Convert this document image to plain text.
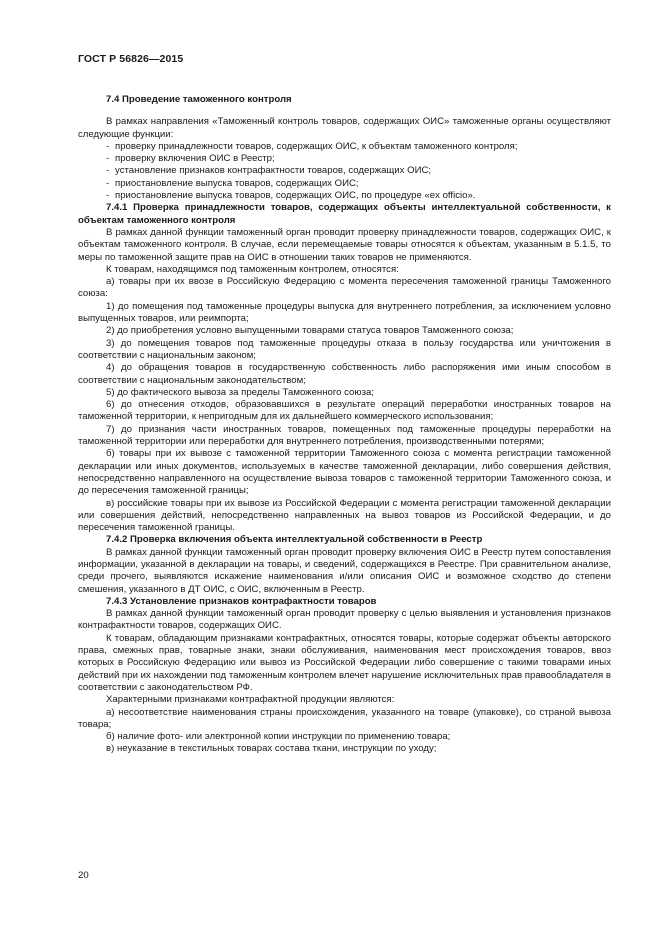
ГОСТ Р 56826—2015
7.4 Проведение таможенного контроля

В рамках направления «Таможенный контроль товаров, содержащих ОИС» таможенные органы осуществляют следующие функции:

- проверку принадлежности товаров, содержащих ОИС, к объектам таможенного контроля;
- проверку включения ОИС в Реестр;
- установление признаков контрафактности товаров, содержащих ОИС;
- приостановление выпуска товаров, содержащих ОИС;
- приостановление выпуска товаров, содержащих ОИС, по процедуре «ex officio».
7.4.1 Проверка принадлежности товаров, содержащих объекты интеллектуальной собственности, к объектам таможенного контроля

В рамках данной функции таможенный орган проводит проверку принадлежности товаров, содержащих ОИС, к объектам таможенного контроля. В случае, если перемещаемые товары относятся к объектам, указанным в 5.1.5, то меры по таможенной защите прав на ОИС в отношении таких товаров не применяются.

К товарам, находящимся под таможенным контролем, относятся:

а) товары при их ввозе в Российскую Федерацию с момента пересечения таможенной границы Таможенного союза:

1) до помещения под таможенные процедуры выпуска для внутреннего потребления, за исключением условно выпущенных товаров, или реимпорта;

2) до приобретения условно выпущенными товарами статуса товаров Таможенного союза;

3) до помещения товаров под таможенные процедуры отказа в пользу государства или уничтожения в соответствии с национальным законом;

4) до обращения товаров в государственную собственность либо распоряжения ими иным способом в соответствии с национальным законодательством;

5) до фактического вывоза за пределы Таможенного союза;

6) до отнесения отходов, образовавшихся в результате операций переработки иностранных товаров на таможенной территории, к непригодным для их дальнейшего коммерческого использования;

7) до признания части иностранных товаров, помещенных под таможенные процедуры переработки на таможенной территории или переработки для внутреннего потребления, производственными потерями;

б) товары при их вывозе с таможенной территории Таможенного союза с момента регистрации таможенной декларации или иных документов, используемых в качестве таможенной декларации, либо совершения действия, непосредственно направленного на осуществление вывоза товаров с таможенной территории Таможенного союза, и до пересечения таможенной границы;

в) российские товары при их вывозе из Российской Федерации с момента регистрации таможенной декларации или совершения действий, непосредственно направленных на вывоз товаров из Российской Федерации, и до пересечения таможенной границы.

7.4.2 Проверка включения объекта интеллектуальной собственности в Реестр

В рамках данной функции таможенный орган проводит проверку включения ОИС в Реестр путем сопоставления информации, указанной в декларации на товары, и сведений, содержащихся в Реестре. При сравнительном анализе, среди прочего, выявляются искажение наименования и/или описания ОИС и возможное сходство до степени смешения, указанного в ДТ ОИС, с ОИС, включенным в Реестр.

7.4.3 Установление признаков контрафактности товаров

В рамках данной функции таможенный орган проводит проверку с целью выявления и установления признаков контрафактности товаров, содержащих ОИС.

К товарам, обладающим признаками контрафактных, относятся товары, которые содержат объекты авторского права, смежных прав, товарные знаки, знаки обслуживания, наименования мест происхождения товаров, ввоз которых в Российскую Федерацию или вывоз из Российской Федерации либо совершение с такими товарами иных действий при их нахождении под таможенным контролем влечет нарушение исключительных прав правообладателя в соответствии с законодательством РФ.

Характерными признаками контрафактной продукции являются:

а) несоответствие наименования страны происхождения, указанного на товаре (упаковке), со страной вывоза товара;

б) наличие фото- или электронной копии инструкции по применению товара;

в) неуказание в текстильных товарах состава ткани, инструкции по уходу;

20
